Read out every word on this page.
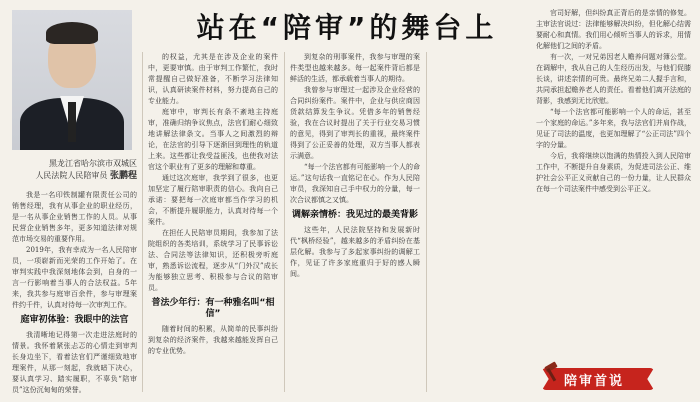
黑龙江省哈尔滨市双城区
人民法院人民陪审员 张鹏程
站在“陪审”的舞台上

我是一名印铁制罐有限责任公司的销售经理，我有从事企业的职业经历，是一名从事企业销售工作的人员。从事民营企业销售多年，更多知道法律对规范市场交易的重要作用。

2019年，我有幸成为一名人民陪审员，一项崭新而光荣的工作开始了。在审判实践中我深刻地体会到，自身的一言一行影响着当事人的合法权益。5年来，我共参与庭审百余件，参与审理案件约千件，认真对待每一次审判工作。

庭审初体验：我眼中的法官

我清晰地记得第一次走进法庭时的情景。我怀着紧张忐忑的心情走到审判长身边坐下，看着法官们严谨细致地审理案件，从那一刻起，我就暗下决心，要认真学习、踏实履职，不辜负“陪审员”这份沉甸甸的荣誉。

的权益，尤其是在涉及企业的案件中，更要审慎。由于审判工作繁忙，我时常提醒自己做好准备，不断学习法律知识，认真研读案件材料，努力提高自己的专业能力。

庭审中，审判长有条不紊地主持庭审，准确归纳争议焦点，法官们耐心细致地讲解法律条文。当事人之间激烈的辩论，在法官的引导下逐渐回到理性的轨道上来。这些都让我受益匪浅，也使我对法官这个职业有了更多的理解和尊重。

通过这次庭审，我学到了很多，也更加坚定了履行陪审职责的信心。我向自己承诺：要把每一次庭审都当作学习的机会，不断提升履职能力，认真对待每一个案件。

在担任人民陪审员期间，我参加了法院组织的各类培训，系统学习了民事诉讼法、合同法等法律知识，还积极旁听庭审，熟悉诉讼流程，逐步从“门外汉”成长为能够独立思考、积极参与合议的陪审员。

普法少年行：有一种雅名叫“相信”

随着时间的积累，从简单的民事纠纷到复杂的经济案件，我越来越能发挥自己的专业优势。

到复杂的刑事案件，我参与审理的案件类型也越来越多。每一起案件背后都是鲜活的生活，都承载着当事人的期待。

我曾参与审理过一起涉及企业经营的合同纠纷案件。案件中，企业与供应商因货款结算发生争议。凭借多年的销售经验，我在合议时提出了关于行业交易习惯的意见，得到了审判长的重视，最终案件得到了公正妥善的处理，双方当事人都表示满意。

“每一个法官都有可能影响一个人的命运。”这句话我一直铭记在心。作为人民陪审员，我深知自己手中权力的分量，每一次合议都慎之又慎。

调解亲情桥：我见过的最美背影

这些年，人民法院坚持和发展新时代“枫桥经验”，越来越多的矛盾纠纷在基层化解。我参与了多起家事纠纷的调解工作，见证了许多家庭重归于好的感人瞬间。

官司好解，但纠纷真正背后的是亲情的修复。主审法官说过：法律能够解决纠纷，但化解心结需要耐心和真情。我们用心倾听当事人的诉求，用情化解他们之间的矛盾。

有一次，一对兄弟因老人赡养问题对簿公堂。在调解中，我从自己的人生经历出发，与他们促膝长谈，讲述亲情的可贵。最终兄弟二人握手言和，共同承担起赡养老人的责任。看着他们离开法庭的背影，我感到无比欣慰。

“每一个法官都可能影响一个人的命运，甚至一个家庭的命运。”多年来，我与法官们并肩作战，见证了司法的温度，也更加理解了“公正司法”四个字的分量。

今后，我将继续以饱满的热情投入到人民陪审工作中，不断提升自身素质，为促进司法公正、维护社会公平正义贡献自己的一份力量，让人民群众在每一个司法案件中感受到公平正义。

陪审首说
